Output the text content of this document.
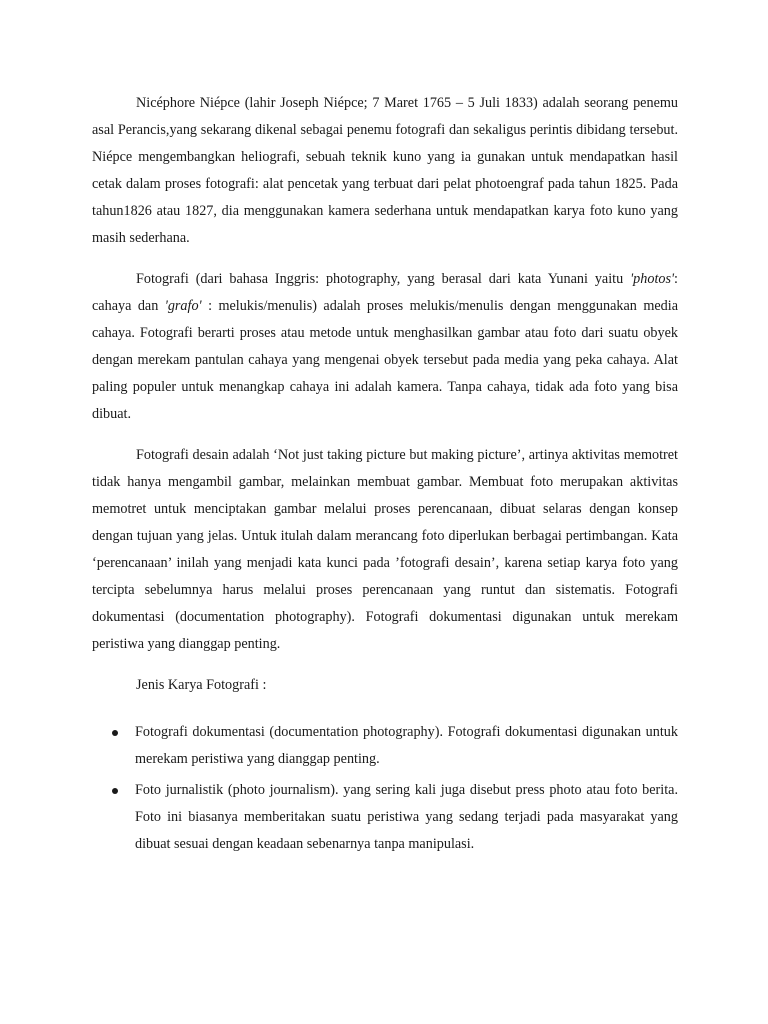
Nicéphore Niépce (lahir Joseph Niépce; 7 Maret 1765 – 5 Juli 1833) adalah seorang penemu asal Perancis,yang sekarang dikenal sebagai penemu fotografi dan sekaligus perintis dibidang tersebut. Niépce mengembangkan heliografi, sebuah teknik kuno yang ia gunakan untuk mendapatkan hasil cetak dalam proses fotografi: alat pencetak yang terbuat dari pelat photoengraf pada tahun 1825. Pada tahun1826 atau 1827, dia menggunakan kamera sederhana untuk mendapatkan karya foto kuno yang masih sederhana.

Fotografi (dari bahasa Inggris: photography, yang berasal dari kata Yunani yaitu 'photos': cahaya dan 'grafo' : melukis/menulis) adalah proses melukis/menulis dengan menggunakan media cahaya. Fotografi berarti proses atau metode untuk menghasilkan gambar atau foto dari suatu obyek dengan merekam pantulan cahaya yang mengenai obyek tersebut pada media yang peka cahaya. Alat paling populer untuk menangkap cahaya ini adalah kamera. Tanpa cahaya, tidak ada foto yang bisa dibuat.

Fotografi desain adalah ‘Not just taking picture but making picture’, artinya aktivitas memotret tidak hanya mengambil gambar, melainkan membuat gambar. Membuat foto merupakan aktivitas memotret untuk menciptakan gambar melalui proses perencanaan, dibuat selaras dengan konsep dengan tujuan yang jelas. Untuk itulah dalam merancang foto diperlukan berbagai pertimbangan. Kata ‘perencanaan’ inilah yang menjadi kata kunci pada ’fotografi desain’, karena setiap karya foto yang tercipta sebelumnya harus melalui proses perencanaan yang runtut dan sistematis. Fotografi dokumentasi (documentation photography). Fotografi dokumentasi digunakan untuk merekam peristiwa yang dianggap penting.

Jenis Karya Fotografi :

Fotografi dokumentasi (documentation photography). Fotografi dokumentasi digunakan untuk merekam peristiwa yang dianggap penting.
Foto jurnalistik (photo journalism). yang sering kali juga disebut press photo atau foto berita. Foto ini biasanya memberitakan suatu peristiwa yang sedang terjadi pada masyarakat yang dibuat sesuai dengan keadaan sebenarnya tanpa manipulasi.
